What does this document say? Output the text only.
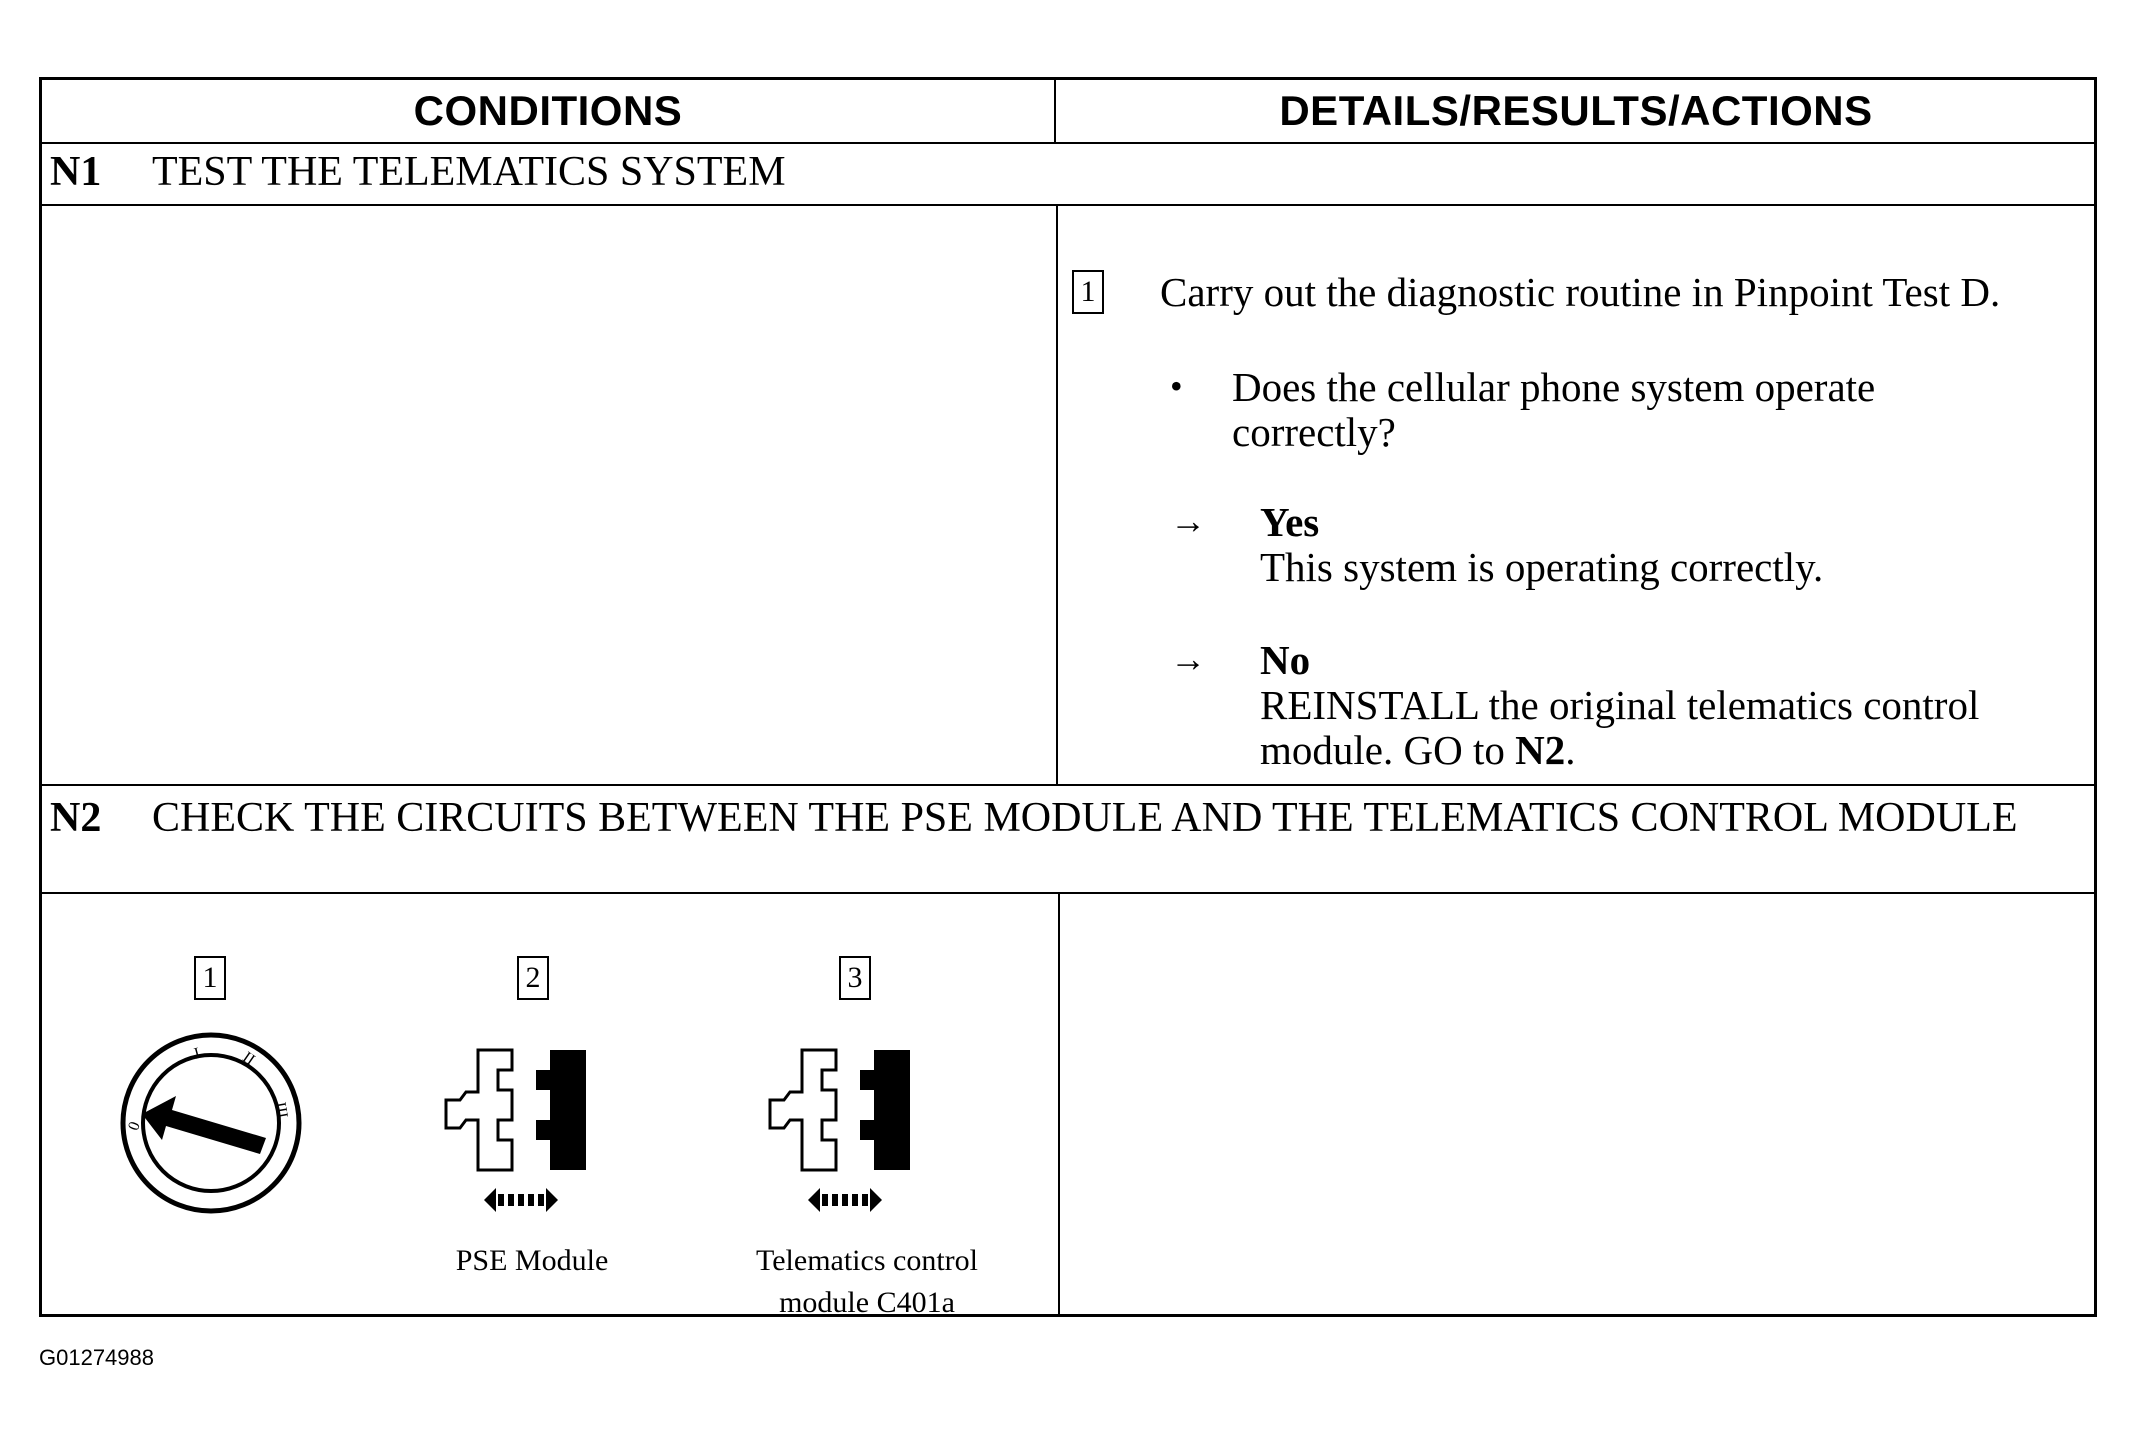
CONDITIONS	DETAILS/RESULTS/ACTIONS
N1	TEST THE TELEMATICS SYSTEM
1 Carry out the diagnostic routine in Pinpoint Test D.
• Does the cellular phone system operate correctly?
→ Yes
This system is operating correctly.
→ No
REINSTALL the original telematics control module. GO to N2.
N2	CHECK THE CIRCUITS BETWEEN THE PSE MODULE AND THE TELEMATICS CONTROL MODULE
1	2	3
0
I II
III
PSE Module	Telematics control module C401a
G01274988
